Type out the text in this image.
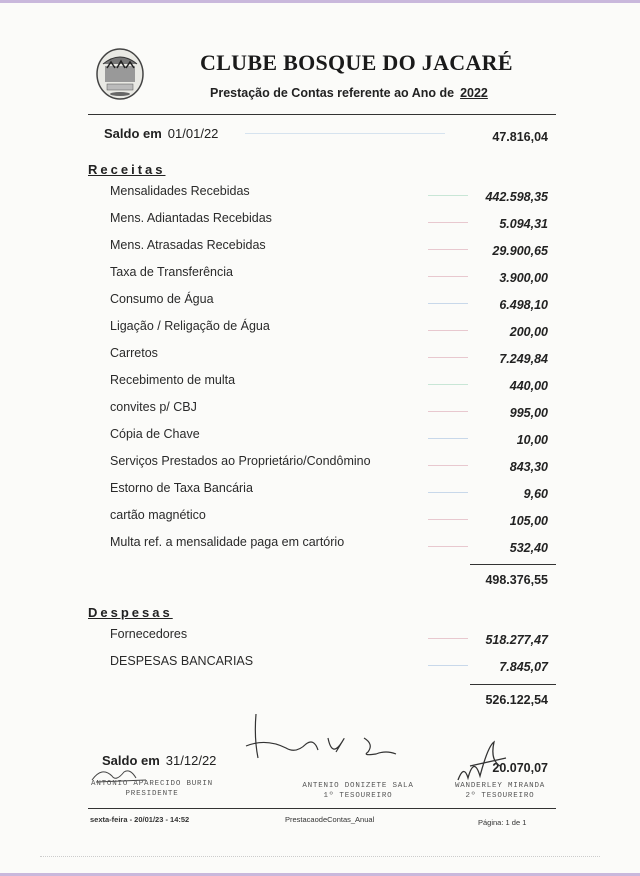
CLUBE BOSQUE DO JACARÉ
Prestação de Contas referente ao Ano de 2022
Saldo em 01/01/22	47.816,04
Receitas
Mensalidades Recebidas	442.598,35
Mens. Adiantadas Recebidas	5.094,31
Mens. Atrasadas Recebidas	29.900,65
Taxa de Transferência	3.900,00
Consumo de Água	6.498,10
Ligação / Religação de Água	200,00
Carretos	7.249,84
Recebimento de multa	440,00
convites p/ CBJ	995,00
Cópia de Chave	10,00
Serviços Prestados ao Proprietário/Condômino	843,30
Estorno de Taxa Bancária	9,60
cartão magnético	105,00
Multa ref. a mensalidade paga em cartório	532,40
498.376,55
Despesas
Fornecedores	518.277,47
DESPESAS BANCARIAS	7.845,07
526.122,54
Saldo em 31/12/22	20.070,07
ANTONIO APARECIDO BURIN
PRESIDENTE
ANTENIO DONIZETE SALA
1º TESOUREIRO
WANDERLEY MIRANDA
2º TESOUREIRO
sexta-feira - 20/01/23 - 14:52	PrestacaodeContas_Anual	Página: 1 de 1
